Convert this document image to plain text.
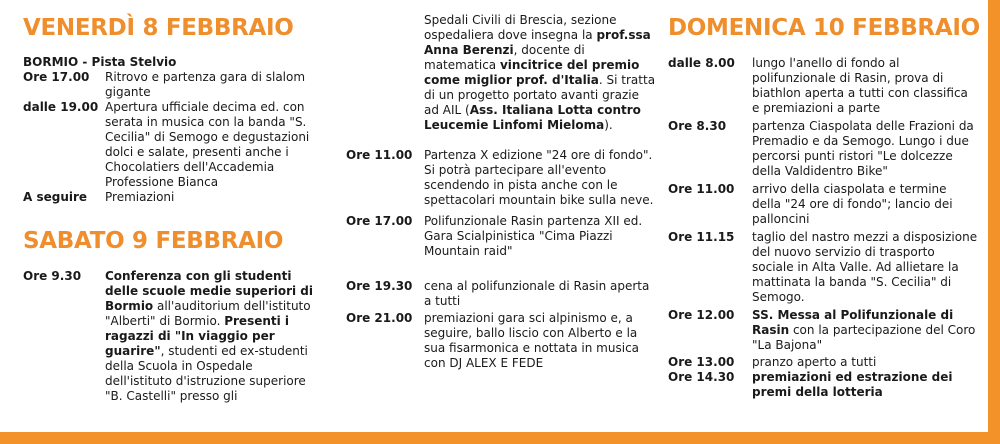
VENERDÌ 8 FEBBRAIO
BORMIO - Pista Stelvio
Ore 17.00	Ritrovo e partenza gara di slalom gigante
dalle 19.00 Apertura ufficiale decima ed. con serata in musica con la banda "S. Cecilia" di Semogo e degustazioni dolci e salate, presenti anche i Chocolatiers dell'Accademia Professione Bianca
A seguire	Premiazioni
SABATO 9 FEBBRAIO
Ore 9.30	Conferenza con gli studenti delle scuole medie superiori di Bormio all'auditorium dell'istituto "Alberti" di Bormio. Presenti i ragazzi di "In viaggio per guarire", studenti ed ex-studenti della Scuola in Ospedale dell'istituto d'istruzione superiore "B. Castelli" presso gli
Spedali Civili di Brescia, sezione ospedaliera dove insegna la prof.ssa Anna Berenzi, docente di matematica vincitrice del premio come miglior prof. d'Italia. Si tratta di un progetto portato avanti grazie ad AIL (Ass. Italiana Lotta contro Leucemie Linfomi Mieloma).
Ore 11.00 Partenza X edizione "24 ore di fondo". Si potrà partecipare all'evento scendendo in pista anche con le spettacolari mountain bike sulla neve.
Ore 17.00 Polifunzionale Rasin partenza XII ed. Gara Scialpinistica "Cima Piazzi Mountain raid"
Ore 19.30 cena al polifunzionale di Rasin aperta a tutti
Ore 21.00 premiazioni gara sci alpinismo e, a seguire, ballo liscio con Alberto e la sua fisarmonica e nottata in musica con DJ ALEX E FEDE
DOMENICA 10 FEBBRAIO
dalle 8.00	lungo l'anello di fondo al polifunzionale di Rasin, prova di biathlon aperta a tutti con classifica e premiazioni a parte
Ore 8.30	partenza Ciaspolata delle Frazioni da Premadio e da Semogo. Lungo i due percorsi punti ristori "Le dolcezze della Valdidentro Bike"
Ore 11.00	arrivo della ciaspolata e termine della "24 ore di fondo"; lancio dei palloncini
Ore 11.15	taglio del nastro mezzi a disposizione del nuovo servizio di trasporto sociale in Alta Valle. Ad allietare la mattinata la banda "S. Cecilia" di Semogo.
Ore 12.00	SS. Messa al Polifunzionale di Rasin con la partecipazione del Coro "La Bajona"
Ore 13.00	pranzo aperto a tutti
Ore 14.30	premiazioni ed estrazione dei premi della lotteria
